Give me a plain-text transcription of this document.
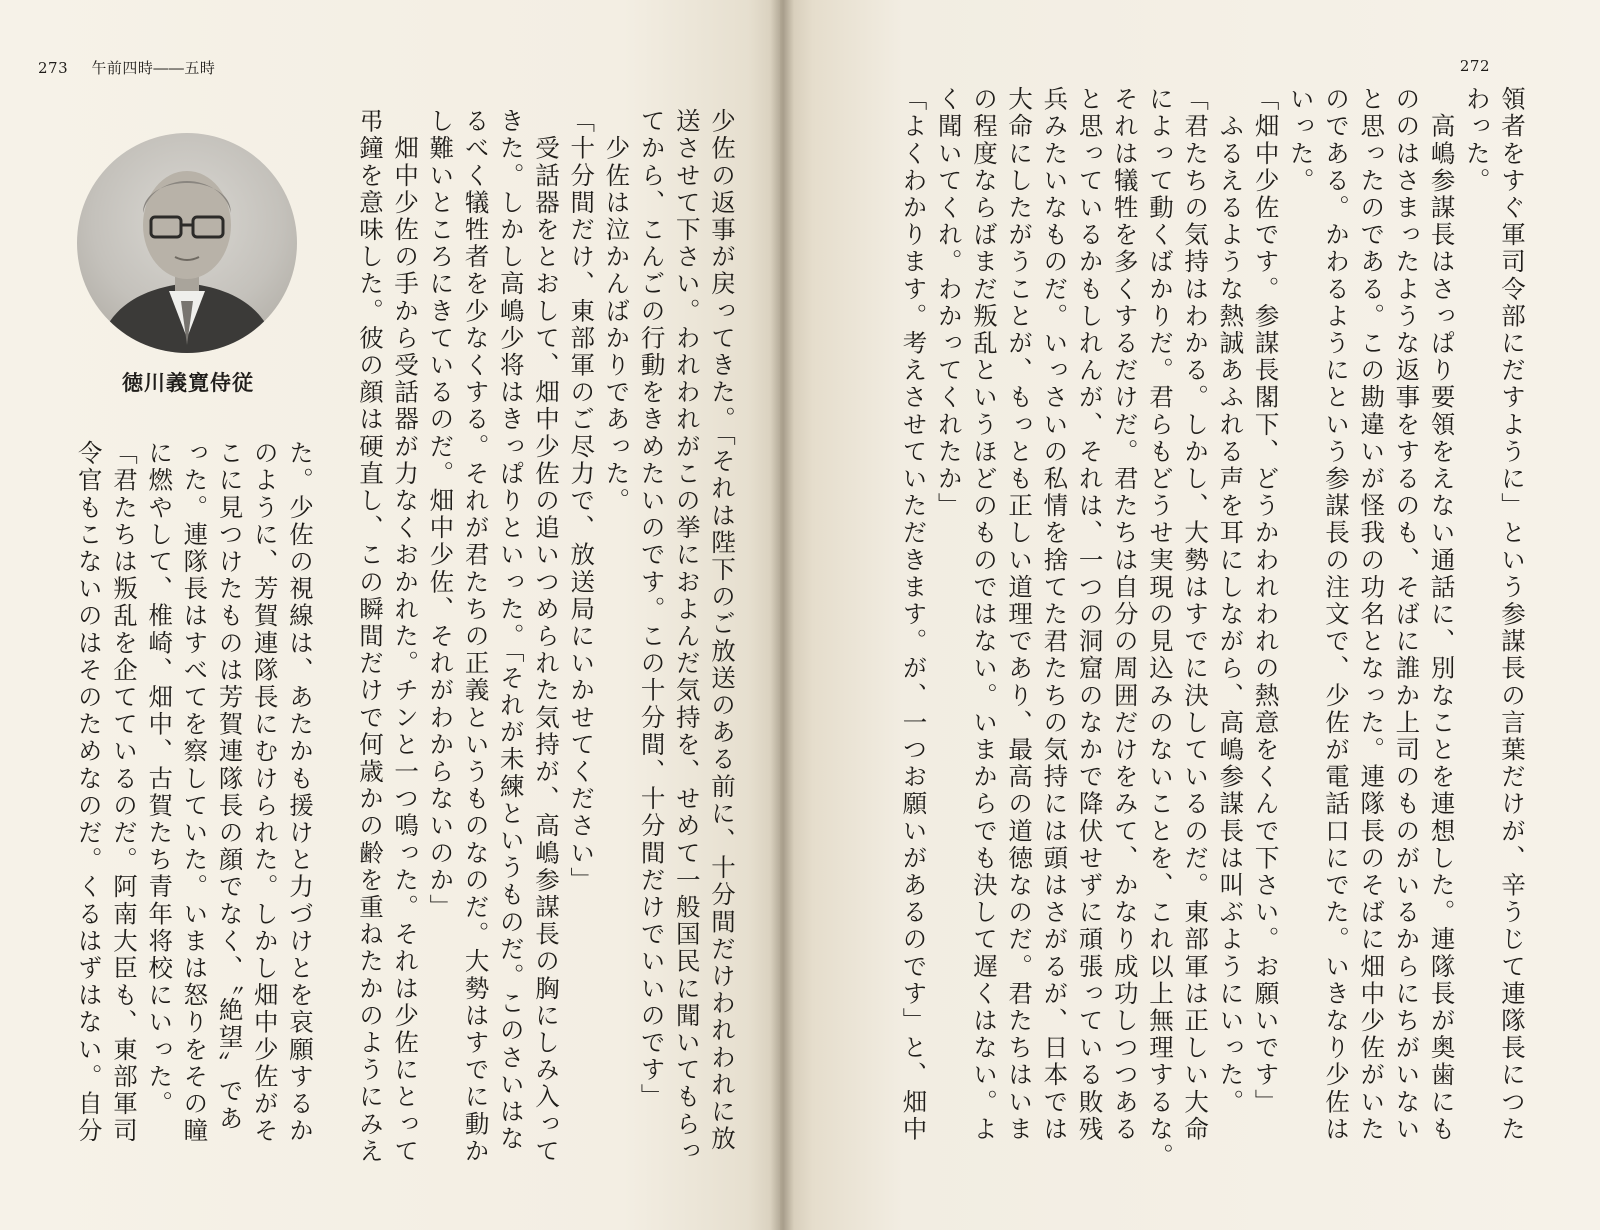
273 午前四時――五時	272
領者をすぐ軍司令部にだすように」という参謀長の言葉だけが、辛うじて連隊長につた
わった。
　高嶋参謀長はさっぱり要領をえない通話に、別なことを連想した。連隊長が奥歯にも
ののはさまったような返事をするのも、そばに誰か上司のものがいるからにちがいない
と思ったのである。この勘違いが怪我の功名となった。連隊長のそばに畑中少佐がいた
のである。かわるようにという参謀長の注文で、少佐が電話口にでた。いきなり少佐は
いった。
「畑中少佐です。参謀長閣下、どうかわれわれの熱意をくんで下さい。お願いです」
　ふるえるような熱誠あふれる声を耳にしながら、高嶋参謀長は叫ぶようにいった。
「君たちの気持はわかる。しかし、大勢はすでに決しているのだ。東部軍は正しい大命
によって動くばかりだ。君らもどうせ実現の見込みのないことを、これ以上無理するな。
それは犠牲を多くするだけだ。君たちは自分の周囲だけをみて、かなり成功しつつある
と思っているかもしれんが、それは、一つの洞窟のなかで降伏せずに頑張っている敗残
兵みたいなものだ。いっさいの私情を捨てた君たちの気持には頭はさがるが、日本では
大命にしたがうことが、もっとも正しい道理であり、最高の道徳なのだ。君たちはいま
の程度ならばまだ叛乱というほどのものではない。いまからでも決して遅くはない。よ
く聞いてくれ。わかってくれたか」
「よくわかります。考えさせていただきます。が、一つお願いがあるのです」と、畑中
少佐の返事が戻ってきた。「それは陛下のご放送のある前に、十分間だけわれわれに放
送させて下さい。われわれがこの挙におよんだ気持を、せめて一般国民に聞いてもらっ
てから、こんごの行動をきめたいのです。この十分間、十分間だけでいいのです」
　少佐は泣かんばかりであった。
「十分間だけ、東部軍のご尽力で、放送局にいかせてください」
　受話器をとおして、畑中少佐の追いつめられた気持が、高嶋参謀長の胸にしみ入って
きた。しかし高嶋少将はきっぱりといった。「それが未練というものだ。このさいはな
るべく犠牲者を少なくする。それが君たちの正義というものなのだ。大勢はすでに動か
し難いところにきているのだ。畑中少佐、それがわからないのか」
　畑中少佐の手から受話器が力なくおかれた。チンと一つ鳴った。それは少佐にとって
弔鐘を意味した。彼の顔は硬直し、この瞬間だけで何歳かの齢を重ねたかのようにみえ
徳川義寛侍従
た。少佐の視線は、あたかも援けと力づけとを哀願するか
のように、芳賀連隊長にむけられた。しかし畑中少佐がそ
こに見つけたものは芳賀連隊長の顔でなく、〝絶望〟であ
った。連隊長はすべてを察していた。いまは怒りをその瞳
に燃やして、椎崎、畑中、古賀たち青年将校にいった。
「君たちは叛乱を企てているのだ。阿南大臣も、東部軍司
令官もこないのはそのためなのだ。くるはずはない。自分
